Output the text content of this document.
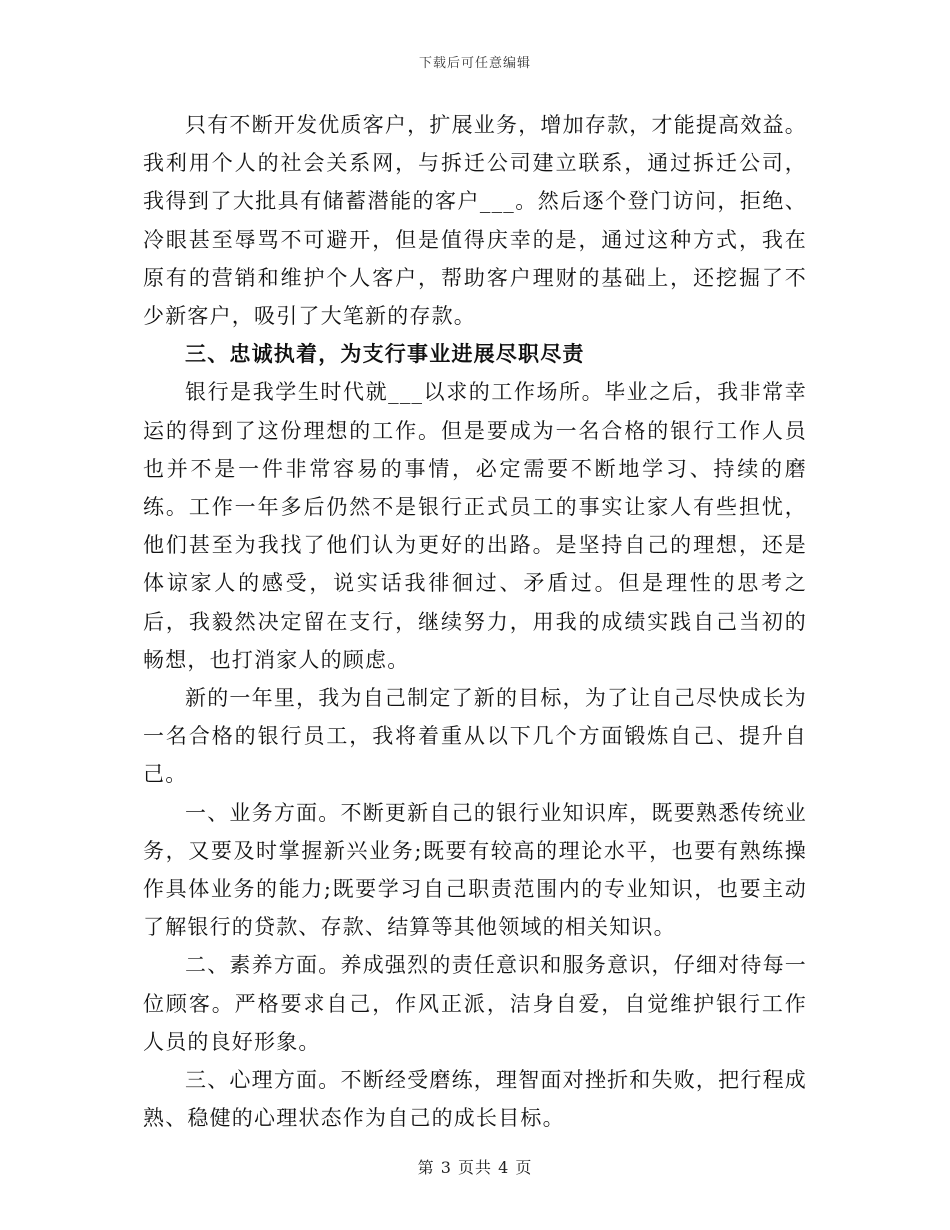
下载后可任意编辑

只有不断开发优质客户，扩展业务，增加存款，才能提高效益。我利用个人的社会关系网，与拆迁公司建立联系，通过拆迁公司，我得到了大批具有储蓄潜能的客户___。然后逐个登门访问，拒绝、冷眼甚至辱骂不可避开，但是值得庆幸的是，通过这种方式，我在原有的营销和维护个人客户，帮助客户理财的基础上，还挖掘了不少新客户，吸引了大笔新的存款。

三、忠诚执着，为支行事业进展尽职尽责

银行是我学生时代就___以求的工作场所。毕业之后，我非常幸运的得到了这份理想的工作。但是要成为一名合格的银行工作人员也并不是一件非常容易的事情，必定需要不断地学习、持续的磨练。工作一年多后仍然不是银行正式员工的事实让家人有些担忧，他们甚至为我找了他们认为更好的出路。是坚持自己的理想，还是体谅家人的感受，说实话我徘徊过、矛盾过。但是理性的思考之后，我毅然决定留在支行，继续努力，用我的成绩实践自己当初的畅想，也打消家人的顾虑。

新的一年里，我为自己制定了新的目标，为了让自己尽快成长为一名合格的银行员工，我将着重从以下几个方面锻炼自己、提升自己。

一、业务方面。不断更新自己的银行业知识库，既要熟悉传统业务，又要及时掌握新兴业务;既要有较高的理论水平，也要有熟练操作具体业务的能力;既要学习自己职责范围内的专业知识，也要主动了解银行的贷款、存款、结算等其他领域的相关知识。

二、素养方面。养成强烈的责任意识和服务意识，仔细对待每一位顾客。严格要求自己，作风正派，洁身自爱，自觉维护银行工作人员的良好形象。

三、心理方面。不断经受磨练，理智面对挫折和失败，把行程成熟、稳健的心理状态作为自己的成长目标。

第 3 页共 4 页
